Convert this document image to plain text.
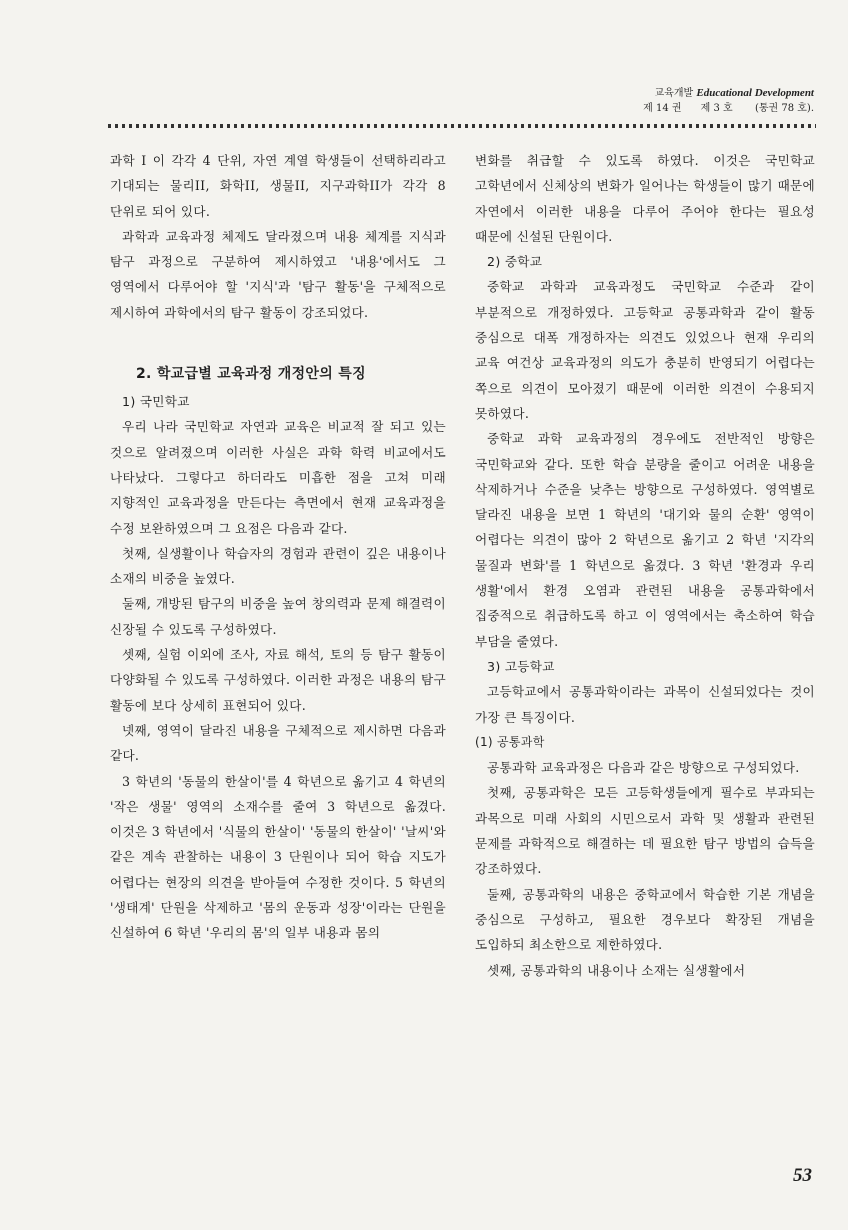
교육개발 Educational Development
제 14 권 제 3 호 (통권 78 호).

과학 I 이 각각 4 단위, 자연 계열 학생들이 선택하리라고 기대되는 물리II, 화학II, 생물II, 지구과학II가 각각 8 단위로 되어 있다.

과학과 교육과정 체제도 달라졌으며 내용 체계를 지식과 탐구 과정으로 구분하여 제시하였고 '내용'에서도 그 영역에서 다루어야 할 '지식'과 '탐구 활동'을 구체적으로 제시하여 과학에서의 탐구 활동이 강조되었다.

2. 학교급별 교육과정 개정안의 특징

1) 국민학교

우리 나라 국민학교 자연과 교육은 비교적 잘 되고 있는 것으로 알려졌으며 이러한 사실은 과학 학력 비교에서도 나타났다. 그렇다고 하더라도 미흡한 점을 고쳐 미래 지향적인 교육과정을 만든다는 측면에서 현재 교육과정을 수정 보완하였으며 그 요점은 다음과 같다.

첫째, 실생활이나 학습자의 경험과 관련이 깊은 내용이나 소재의 비중을 높였다.

둘째, 개방된 탐구의 비중을 높여 창의력과 문제 해결력이 신장될 수 있도록 구성하였다.

셋째, 실험 이외에 조사, 자료 해석, 토의 등 탐구 활동이 다양화될 수 있도록 구성하였다. 이러한 과정은 내용의 탐구 활동에 보다 상세히 표현되어 있다.

넷째, 영역이 달라진 내용을 구체적으로 제시하면 다음과 같다.

3 학년의 '동물의 한살이'를 4 학년으로 옮기고 4 학년의 '작은 생물' 영역의 소재수를 줄여 3 학년으로 옮겼다. 이것은 3 학년에서 '식물의 한살이' '동물의 한살이' '날씨'와 같은 계속 관찰하는 내용이 3 단원이나 되어 학습 지도가 어렵다는 현장의 의견을 받아들여 수정한 것이다. 5 학년의 '생태계' 단원을 삭제하고 '몸의 운동과 성장'이라는 단원을 신설하여 6 학년 '우리의 몸'의 일부 내용과 몸의

변화를 취급할 수 있도록 하였다. 이것은 국민학교 고학년에서 신체상의 변화가 일어나는 학생들이 많기 때문에 자연에서 이러한 내용을 다루어 주어야 한다는 필요성 때문에 신설된 단원이다.

2) 중학교

중학교 과학과 교육과정도 국민학교 수준과 같이 부분적으로 개정하였다. 고등학교 공통과학과 같이 활동 중심으로 대폭 개정하자는 의견도 있었으나 현재 우리의 교육 여건상 교육과정의 의도가 충분히 반영되기 어렵다는 쪽으로 의견이 모아졌기 때문에 이러한 의견이 수용되지 못하였다.

중학교 과학 교육과정의 경우에도 전반적인 방향은 국민학교와 같다. 또한 학습 분량을 줄이고 어려운 내용을 삭제하거나 수준을 낮추는 방향으로 구성하였다. 영역별로 달라진 내용을 보면 1 학년의 '대기와 물의 순환' 영역이 어렵다는 의견이 많아 2 학년으로 옮기고 2 학년 '지각의 물질과 변화'를 1 학년으로 옮겼다. 3 학년 '환경과 우리 생활'에서 환경 오염과 관련된 내용을 공통과학에서 집중적으로 취급하도록 하고 이 영역에서는 축소하여 학습 부담을 줄였다.

3) 고등학교

고등학교에서 공통과학이라는 과목이 신설되었다는 것이 가장 큰 특징이다.

(1) 공통과학

공통과학 교육과정은 다음과 같은 방향으로 구성되었다.

첫째, 공통과학은 모든 고등학생들에게 필수로 부과되는 과목으로 미래 사회의 시민으로서 과학 및 생활과 관련된 문제를 과학적으로 해결하는 데 필요한 탐구 방법의 습득을 강조하였다.

둘째, 공통과학의 내용은 중학교에서 학습한 기본 개념을 중심으로 구성하고, 필요한 경우보다 확장된 개념을 도입하되 최소한으로 제한하였다.

셋째, 공통과학의 내용이나 소재는 실생활에서

53
